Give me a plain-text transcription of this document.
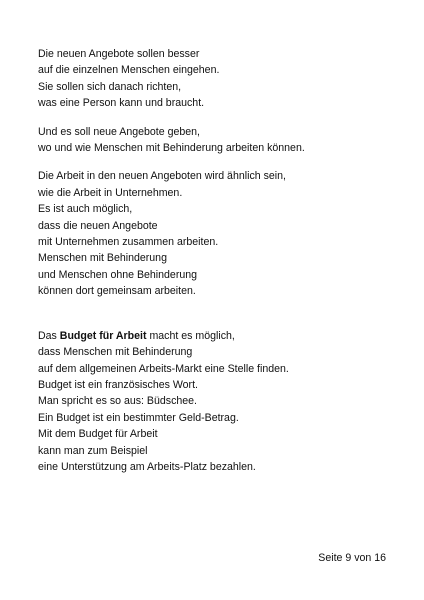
Die neuen Angebote sollen besser
auf die einzelnen Menschen eingehen.
Sie sollen sich danach richten,
was eine Person kann und braucht.
Und es soll neue Angebote geben,
wo und wie Menschen mit Behinderung arbeiten können.
Die Arbeit in den neuen Angeboten wird ähnlich sein,
wie die Arbeit in Unternehmen.
Es ist auch möglich,
dass die neuen Angebote
mit Unternehmen zusammen arbeiten.
Menschen mit Behinderung
und Menschen ohne Behinderung
können dort gemeinsam arbeiten.
Das Budget für Arbeit macht es möglich,
dass Menschen mit Behinderung
auf dem allgemeinen Arbeits-Markt eine Stelle finden.
Budget ist ein französisches Wort.
Man spricht es so aus: Büdschee.
Ein Budget ist ein bestimmter Geld-Betrag.
Mit dem Budget für Arbeit
kann man zum Beispiel
eine Unterstützung am Arbeits-Platz bezahlen.
Seite 9 von 16
